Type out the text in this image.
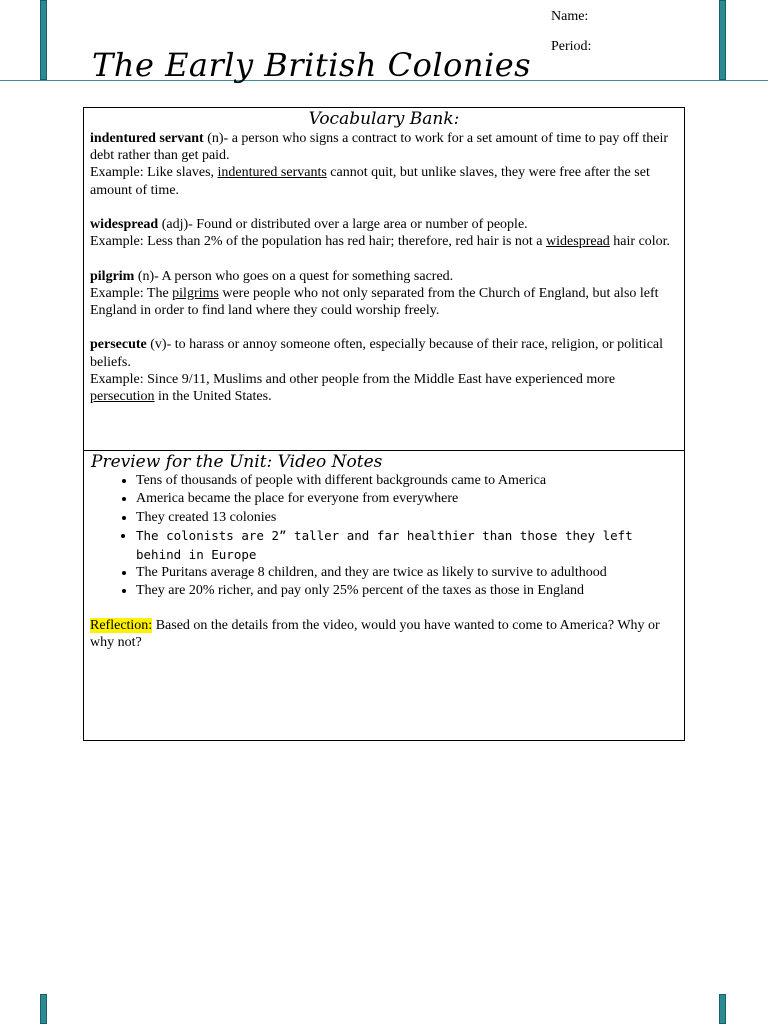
Name:
Period:
The Early British Colonies
Vocabulary Bank:
indentured servant (n)- a person who signs a contract to work for a set amount of time to pay off their debt rather than get paid.
Example: Like slaves, indentured servants cannot quit, but unlike slaves, they were free after the set amount of time.
widespread (adj)- Found or distributed over a large area or number of people.
Example: Less than 2% of the population has red hair; therefore, red hair is not a widespread hair color.
pilgrim (n)- A person who goes on a quest for something sacred.
Example: The pilgrims were people who not only separated from the Church of England, but also left England in order to find land where they could worship freely.
persecute (v)- to harass or annoy someone often, especially because of their race, religion, or political beliefs.
Example: Since 9/11, Muslims and other people from the Middle East have experienced more persecution in the United States.
Preview for the Unit: Video Notes
• Tens of thousands of people with different backgrounds came to America
• America became the place for everyone from everywhere
• They created 13 colonies
• The colonists are 2” taller and far healthier than those they left behind in Europe
• The Puritans average 8 children, and they are twice as likely to survive to adulthood
• They are 20% richer, and pay only 25% percent of the taxes as those in England
Reflection: Based on the details from the video, would you have wanted to come to America? Why or why not?
